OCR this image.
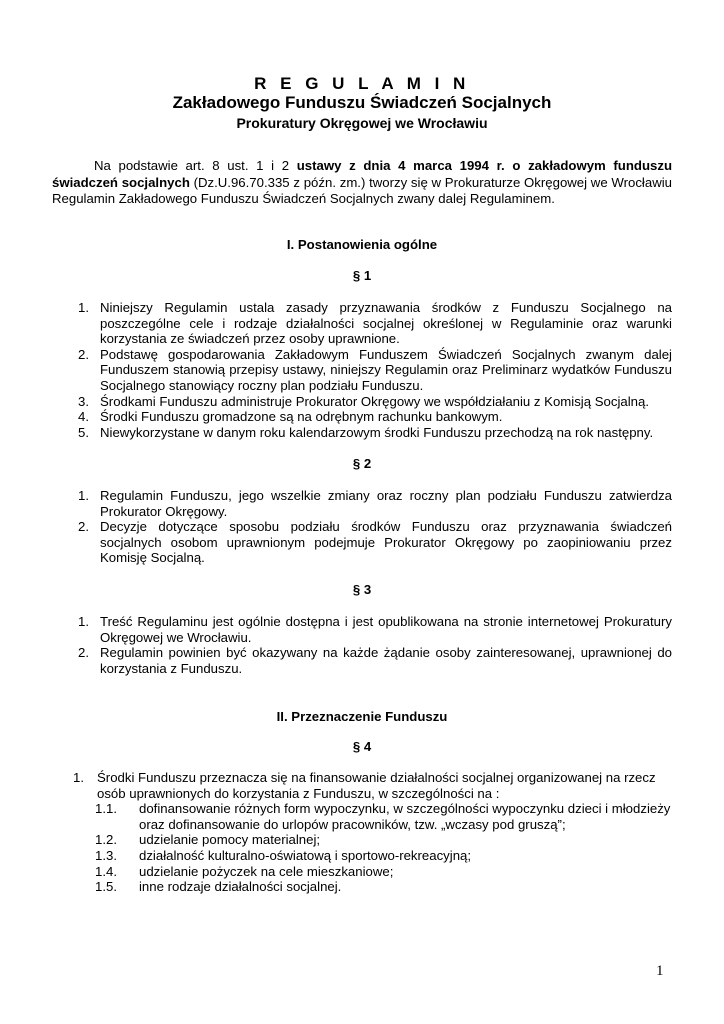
R E G U L A M I N
Zakładowego Funduszu Świadczeń Socjalnych
Prokuratury Okręgowej we Wrocławiu
Na podstawie art. 8 ust. 1 i 2 ustawy z dnia 4 marca 1994 r. o zakładowym funduszu świadczeń socjalnych (Dz.U.96.70.335 z późn. zm.) tworzy się w Prokuraturze Okręgowej we Wrocławiu Regulamin Zakładowego Funduszu Świadczeń Socjalnych zwany dalej Regulaminem.
I. Postanowienia ogólne
§ 1
1. Niniejszy Regulamin ustala zasady przyznawania środków z Funduszu Socjalnego na poszczególne cele i rodzaje działalności socjalnej określonej w Regulaminie oraz warunki korzystania ze świadczeń przez osoby uprawnione.
2. Podstawę gospodarowania Zakładowym Funduszem Świadczeń Socjalnych zwanym dalej Funduszem stanowią przepisy ustawy, niniejszy Regulamin oraz Preliminarz wydatków Funduszu Socjalnego stanowiący roczny plan podziału Funduszu.
3. Środkami Funduszu administruje Prokurator Okręgowy we współdziałaniu z Komisją Socjalną.
4. Środki Funduszu gromadzone są na odrębnym rachunku bankowym.
5. Niewykorzystane w danym roku kalendarzowym środki Funduszu przechodzą na rok następny.
§ 2
1. Regulamin Funduszu, jego wszelkie zmiany oraz roczny plan podziału Funduszu zatwierdza Prokurator Okręgowy.
2. Decyzje dotyczące sposobu podziału środków Funduszu oraz przyznawania świadczeń socjalnych osobom uprawnionym podejmuje Prokurator Okręgowy po zaopiniowaniu przez Komisję Socjalną.
§ 3
1. Treść Regulaminu jest ogólnie dostępna i jest opublikowana na stronie internetowej Prokuratury Okręgowej we Wrocławiu.
2. Regulamin powinien być okazywany na każde żądanie osoby zainteresowanej, uprawnionej do korzystania z Funduszu.
II. Przeznaczenie Funduszu
§ 4
1. Środki Funduszu przeznacza się na finansowanie działalności socjalnej organizowanej na rzecz osób uprawnionych do korzystania z Funduszu, w szczególności na :
1.1. dofinansowanie różnych form wypoczynku, w szczególności wypoczynku dzieci i młodzieży oraz dofinansowanie do urlopów pracowników, tzw. „wczasy pod gruszą”;
1.2. udzielanie pomocy materialnej;
1.3. działalność kulturalno-oświatową i sportowo-rekreacyjną;
1.4. udzielanie pożyczek na cele mieszkaniowe;
1.5. inne rodzaje działalności socjalnej.
1
